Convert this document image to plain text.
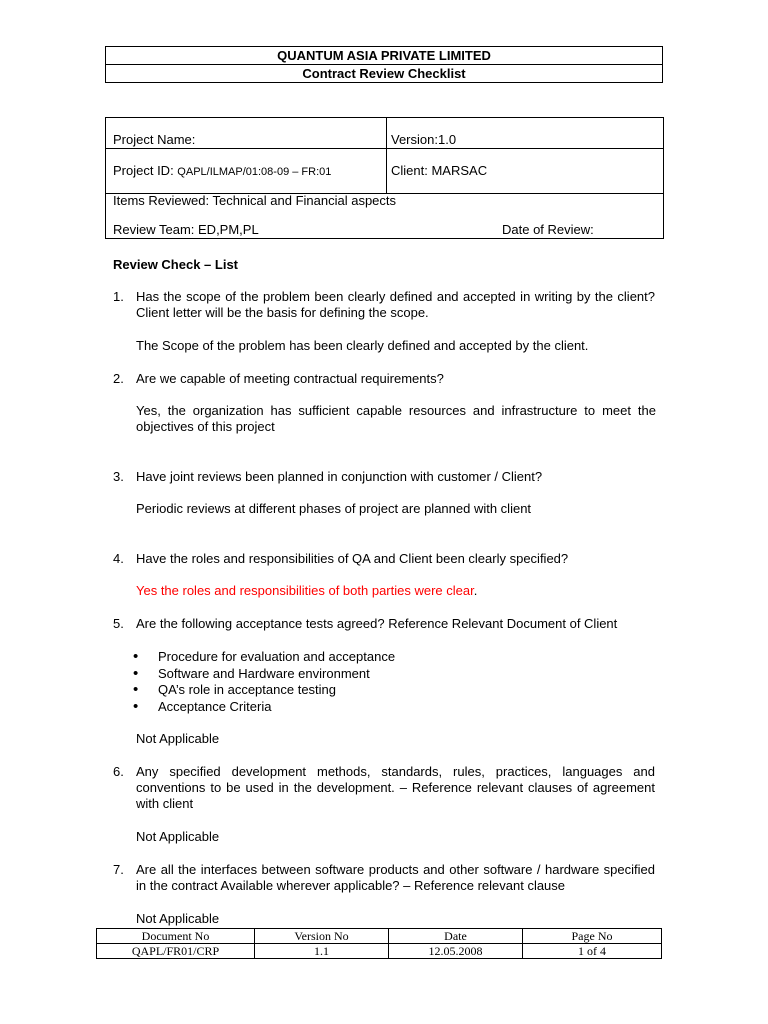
QUANTUM ASIA PRIVATE LIMITED
Contract Review Checklist
Project Name:	Version:1.0
Project ID: QAPL/ILMAP/01:08-09 – FR:01	Client: MARSAC
Items Reviewed: Technical and Financial aspects
Review Team: ED,PM,PL	Date of Review:
Review Check – List
1. Has the scope of the problem been clearly defined and accepted in writing by the client? Client letter will be the basis for defining the scope.
The Scope of the problem has been clearly defined and accepted by the client.
2. Are we capable of meeting contractual requirements?
Yes, the organization has sufficient capable resources and infrastructure to meet the objectives of this project
3. Have joint reviews been planned in conjunction with customer / Client?
Periodic reviews at different phases of project are planned with client
4. Have the roles and responsibilities of QA and Client been clearly specified?
Yes the roles and responsibilities of both parties were clear.
5. Are the following acceptance tests agreed? Reference Relevant Document of Client
• Procedure for evaluation and acceptance
• Software and Hardware environment
• QA’s role in acceptance testing
• Acceptance Criteria
Not Applicable
6. Any specified development methods, standards, rules, practices, languages and conventions to be used in the development. – Reference relevant clauses of agreement with client
Not Applicable
7. Are all the interfaces between software products and other software / hardware specified in the contract Available wherever applicable? – Reference relevant clause
Not Applicable
Document No	Version No	Date	Page No
QAPL/FR01/CRP	1.1	12.05.2008	1 of 4
